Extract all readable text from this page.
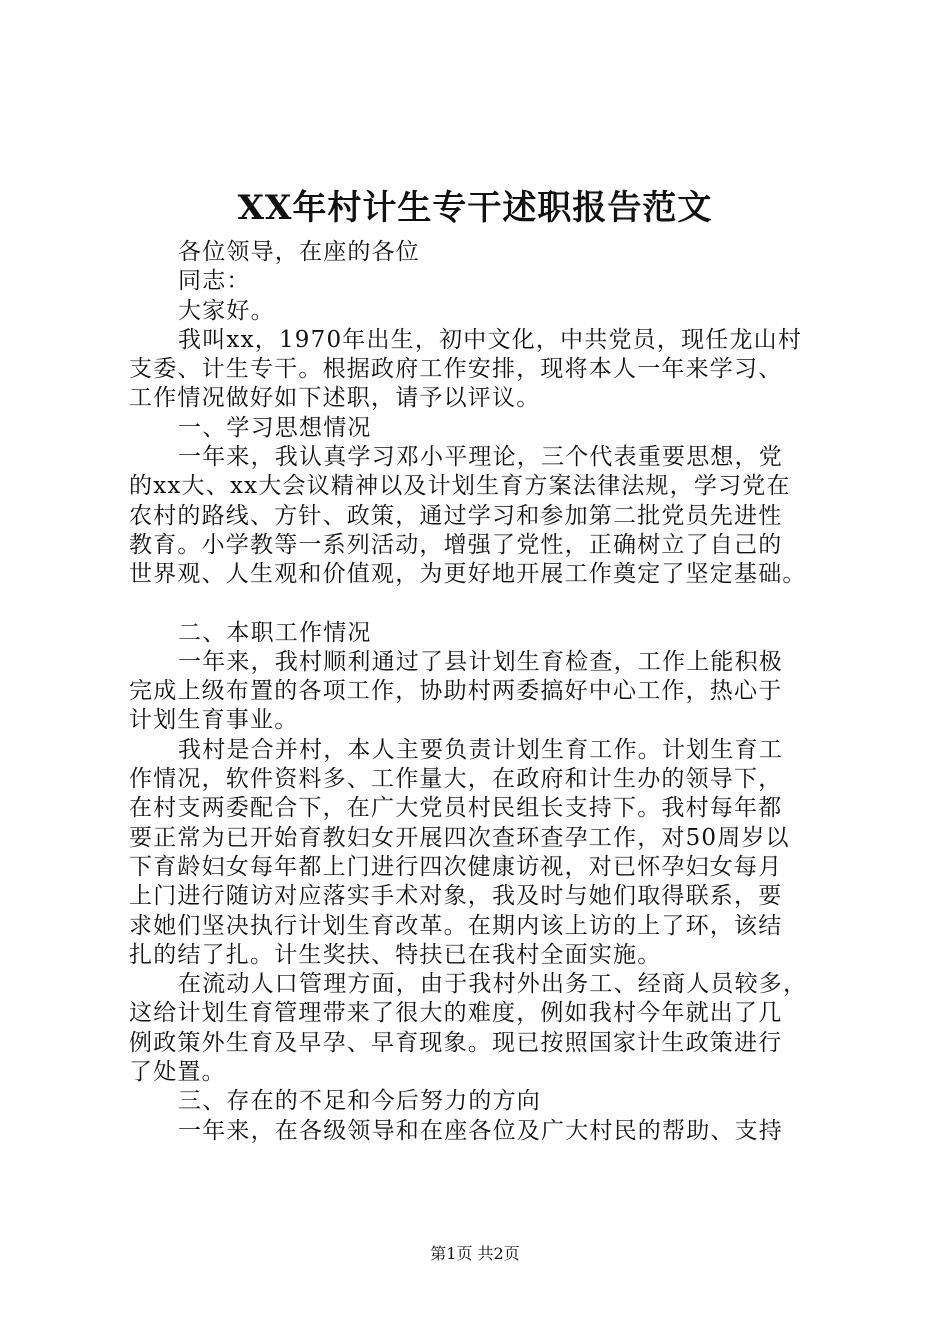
XX年村计生专干述职报告范文
各位领导，在座的各位
同志：
大家好。
我叫xx，1970年出生，初中文化，中共党员，现任龙山村
支委、计生专干。根据政府工作安排，现将本人一年来学习、
工作情况做好如下述职，请予以评议。
一、学习思想情况
一年来，我认真学习邓小平理论，三个代表重要思想，党
的xx大、xx大会议精神以及计划生育方案法律法规，学习党在
农村的路线、方针、政策，通过学习和参加第二批党员先进性
教育。小学教等一系列活动，增强了党性，正确树立了自己的
世界观、人生观和价值观，为更好地开展工作奠定了坚定基础。
二、本职工作情况
一年来，我村顺利通过了县计划生育检查，工作上能积极
完成上级布置的各项工作，协助村两委搞好中心工作，热心于
计划生育事业。
我村是合并村，本人主要负责计划生育工作。计划生育工
作情况，软件资料多、工作量大，在政府和计生办的领导下，
在村支两委配合下，在广大党员村民组长支持下。我村每年都
要正常为已开始育教妇女开展四次查环查孕工作，对50周岁以
下育龄妇女每年都上门进行四次健康访视，对已怀孕妇女每月
上门进行随访对应落实手术对象，我及时与她们取得联系，要
求她们坚决执行计划生育改革。在期内该上访的上了环，该结
扎的结了扎。计生奖扶、特扶已在我村全面实施。
在流动人口管理方面，由于我村外出务工、经商人员较多，
这给计划生育管理带来了很大的难度，例如我村今年就出了几
例政策外生育及早孕、早育现象。现已按照国家计生政策进行
了处置。
三、存在的不足和今后努力的方向
一年来，在各级领导和在座各位及广大村民的帮助、支持
第1页 共2页
